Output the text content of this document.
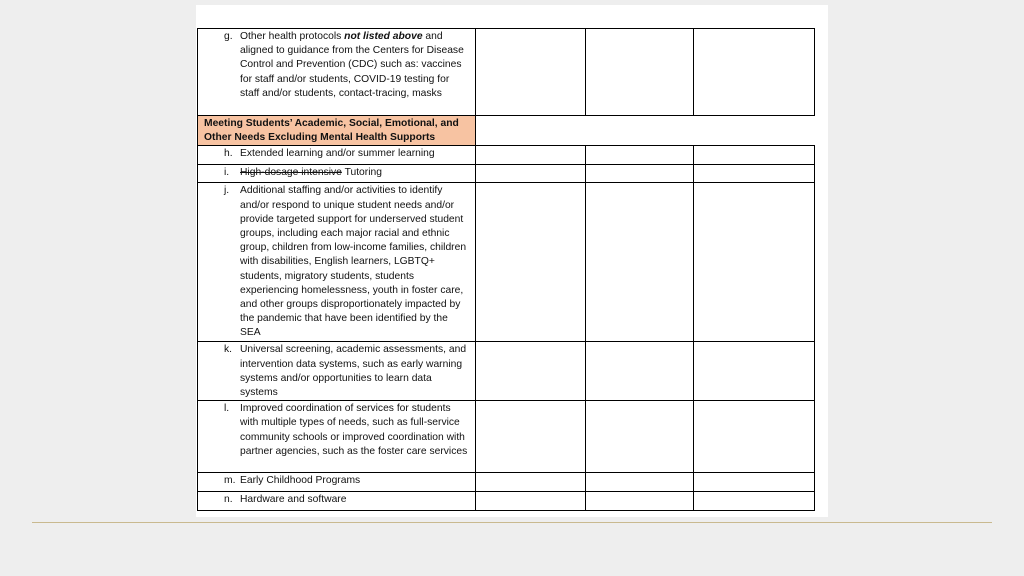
g. Other health protocols not listed above and aligned to guidance from the Centers for Disease Control and Prevention (CDC) such as: vaccines for staff and/or students, COVID-19 testing for staff and/or students, contact-tracing, masks			

Meeting Students’ Academic, Social, Emotional, and Other Needs Excluding Mental Health Supports			

h. Extended learning and/or summer learning			

i. High-dosage intensive Tutoring			

j. Additional staffing and/or activities to identify and/or respond to unique student needs and/or provide targeted support for underserved student groups, including each major racial and ethnic group, children from low-income families, children with disabilities, English learners, LGBTQ+ students, migratory students, students experiencing homelessness, youth in foster care, and other groups disproportionately impacted by the pandemic that have been identified by the SEA			

k. Universal screening, academic assessments, and intervention data systems, such as early warning systems and/or opportunities to learn data systems			

l. Improved coordination of services for students with multiple types of needs, such as full-service community schools or improved coordination with partner agencies, such as the foster care services			

m. Early Childhood Programs			

n. Hardware and software			
